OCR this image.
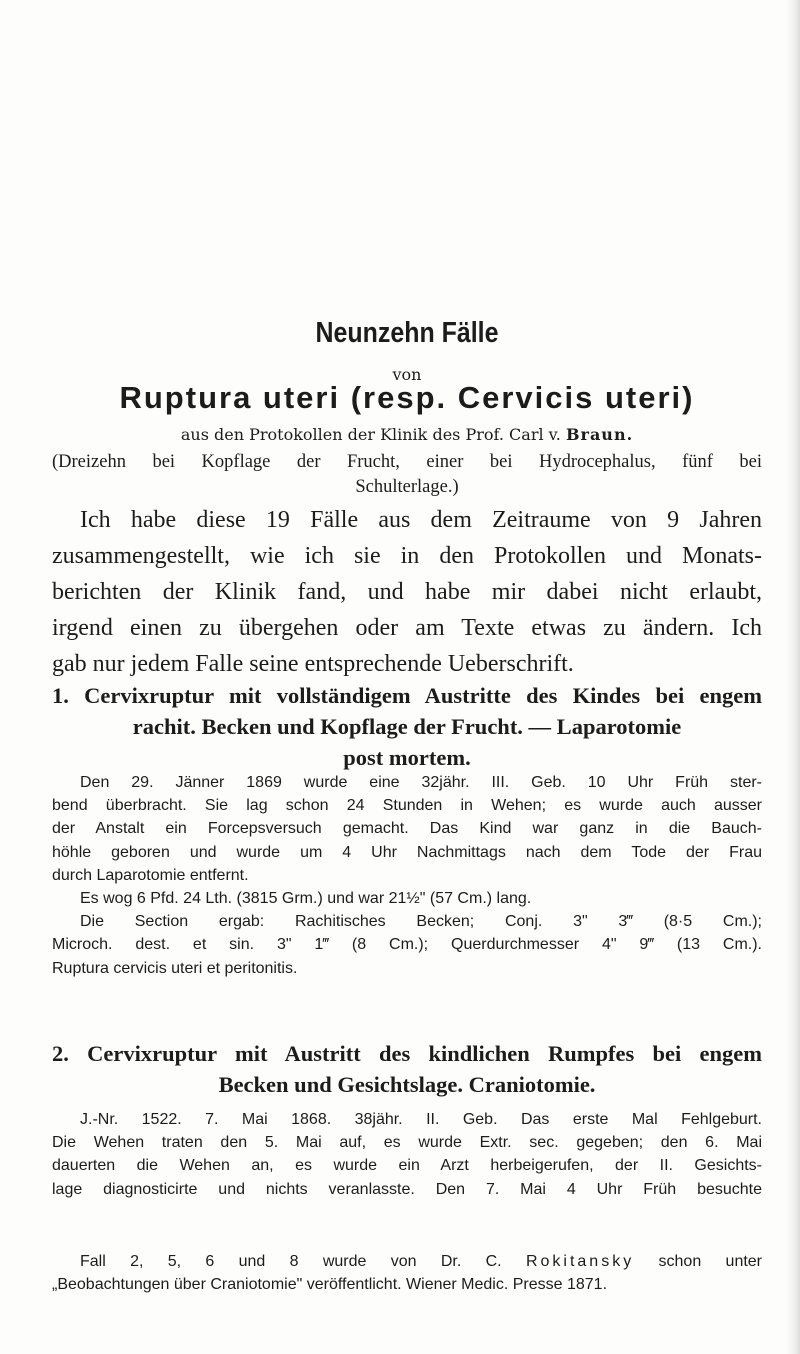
Neunzehn Fälle
von
Ruptura uteri (resp. Cervicis uteri)
aus den Protokollen der Klinik des Prof. Carl v. Braun.
(Dreizehn bei Kopflage der Frucht, einer bei Hydrocephalus, fünf bei
Schulterlage.)
Ich habe diese 19 Fälle aus dem Zeitraume von 9 Jahren
zusammengestellt, wie ich sie in den Protokollen und Monats-
berichten der Klinik fand, und habe mir dabei nicht erlaubt,
irgend einen zu übergehen oder am Texte etwas zu ändern. Ich
gab nur jedem Falle seine entsprechende Ueberschrift.
1. Cervixruptur mit vollständigem Austritte des Kindes bei engem
rachit. Becken und Kopflage der Frucht. — Laparotomie
post mortem.
Den 29. Jänner 1869 wurde eine 32jähr. III. Geb. 10 Uhr Früh ster-
bend überbracht. Sie lag schon 24 Stunden in Wehen; es wurde auch ausser
der Anstalt ein Forcepsversuch gemacht. Das Kind war ganz in die Bauch-
höhle geboren und wurde um 4 Uhr Nachmittags nach dem Tode der Frau
durch Laparotomie entfernt.
Es wog 6 Pfd. 24 Lth. (3815 Grm.) und war 21½" (57 Cm.) lang.
Die Section ergab: Rachitisches Becken; Conj. 3" 3‴ (8·5 Cm.);
Microch. dest. et sin. 3" 1‴ (8 Cm.); Querdurchmesser 4" 9‴ (13 Cm.).
Ruptura cervicis uteri et peritonitis.
2. Cervixruptur mit Austritt des kindlichen Rumpfes bei engem
Becken und Gesichtslage. Craniotomie.
J.-Nr. 1522. 7. Mai 1868. 38jähr. II. Geb. Das erste Mal Fehlgeburt.
Die Wehen traten den 5. Mai auf, es wurde Extr. sec. gegeben; den 6. Mai
dauerten die Wehen an, es wurde ein Arzt herbeigerufen, der II. Gesichts-
lage diagnosticirte und nichts veranlasste. Den 7. Mai 4 Uhr Früh besuchte
Fall 2, 5, 6 und 8 wurde von Dr. C. Rokitansky schon unter
„Beobachtungen über Craniotomie" veröffentlicht. Wiener Medic. Presse 1871.
